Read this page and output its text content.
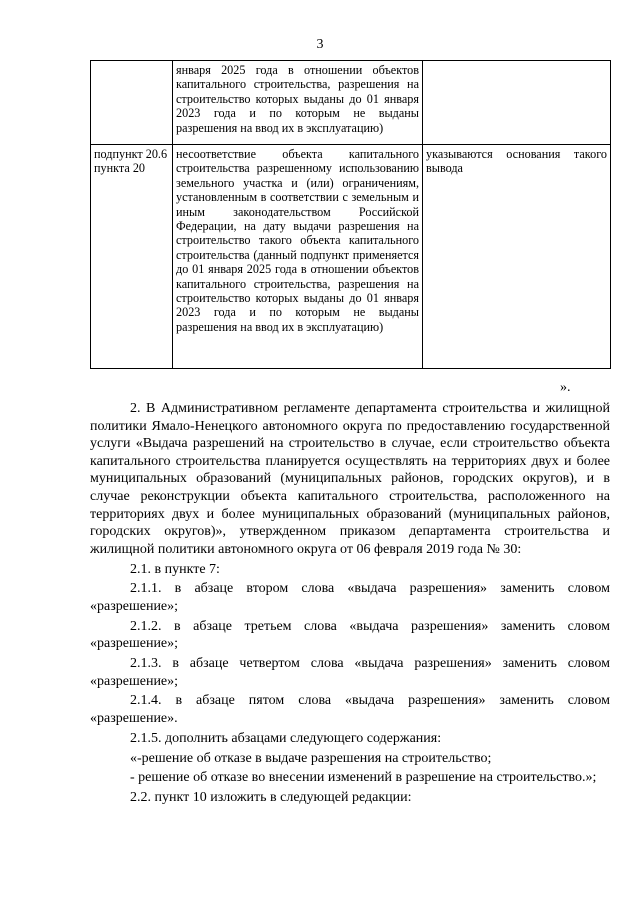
3
	января 2025 года в отношении объектов капитального строительства, разрешения на строительство которых выданы до 01 января 2023 года и по которым не выданы разрешения на ввод их в эксплуатацию)	
подпункт 20.6 пункта 20	несоответствие объекта капитального строительства разрешенному использованию земельного участка и (или) ограничениям, установленным в соответствии с земельным и иным законодательством Российской Федерации, на дату выдачи разрешения на строительство такого объекта капитального строительства (данный подпункт применяется до 01 января 2025 года в отношении объектов капитального строительства, разрешения на строительство которых выданы до 01 января 2023 года и по которым не выданы разрешения на ввод их в эксплуатацию)	указываются основания такого вывода
».

2. В Административном регламенте департамента строительства и жилищной политики Ямало-Ненецкого автономного округа по предоставлению государственной услуги «Выдача разрешений на строительство в случае, если строительство объекта капитального строительства планируется осуществлять на территориях двух и более муниципальных образований (муниципальных районов, городских округов), и в случае реконструкции объекта капитального строительства, расположенного на территориях двух и более муниципальных образований (муниципальных районов, городских округов)», утвержденном приказом департамента строительства и жилищной политики автономного округа от 06 февраля 2019 года № 30:

2.1. в пункте 7:

2.1.1. в абзаце втором слова «выдача разрешения» заменить словом «разрешение»;

2.1.2. в абзаце третьем слова «выдача разрешения» заменить словом «разрешение»;

2.1.3. в абзаце четвертом слова «выдача разрешения» заменить словом «разрешение»;

2.1.4. в абзаце пятом слова «выдача разрешения» заменить словом «разрешение».

2.1.5. дополнить абзацами следующего содержания:

«-решение об отказе в выдаче разрешения на строительство;

- решение об отказе во внесении изменений в разрешение на строительство.»;

2.2. пункт 10 изложить в следующей редакции:
